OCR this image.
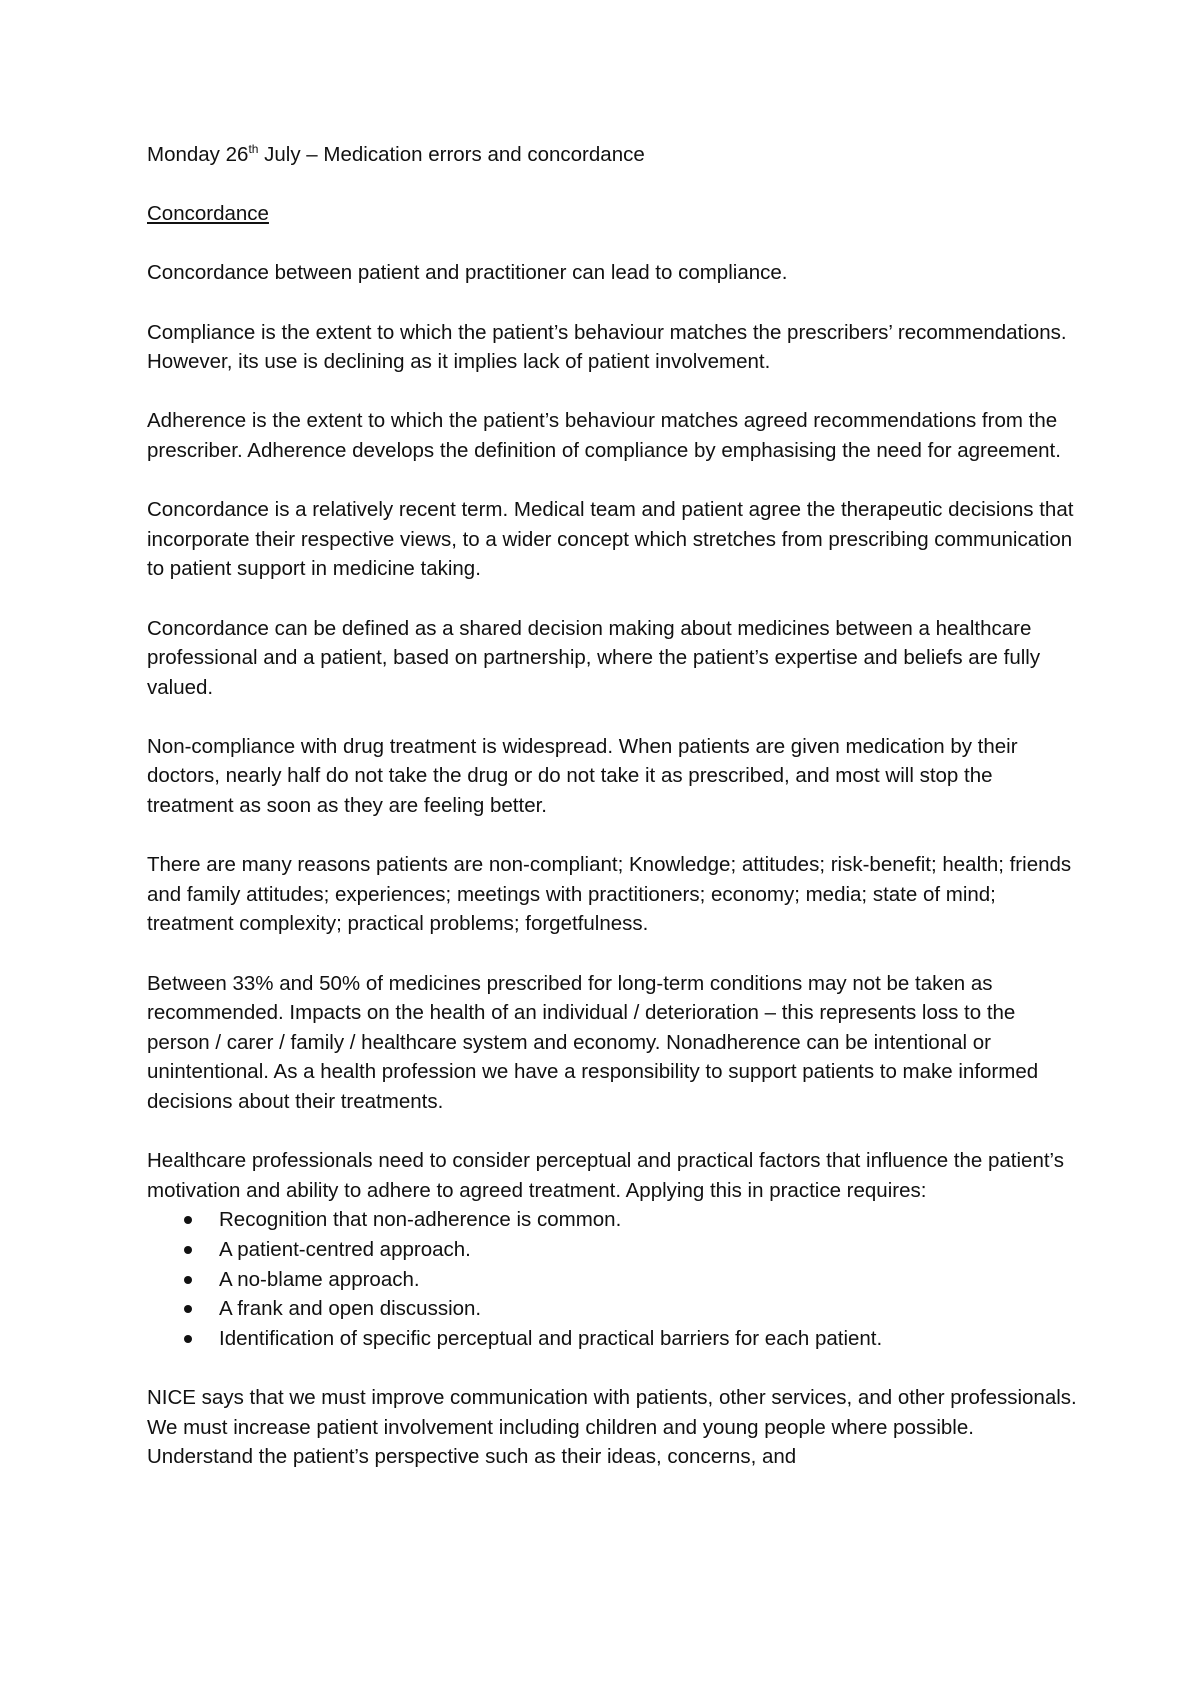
Monday 26th July – Medication errors and concordance

Concordance

Concordance between patient and practitioner can lead to compliance.

Compliance is the extent to which the patient’s behaviour matches the prescribers’ recommendations. However, its use is declining as it implies lack of patient involvement.

Adherence is the extent to which the patient’s behaviour matches agreed recommendations from the prescriber. Adherence develops the definition of compliance by emphasising the need for agreement.

Concordance is a relatively recent term. Medical team and patient agree the therapeutic decisions that incorporate their respective views, to a wider concept which stretches from prescribing communication to patient support in medicine taking.

Concordance can be defined as a shared decision making about medicines between a healthcare professional and a patient, based on partnership, where the patient’s expertise and beliefs are fully valued.

Non-compliance with drug treatment is widespread. When patients are given medication by their doctors, nearly half do not take the drug or do not take it as prescribed, and most will stop the treatment as soon as they are feeling better.

There are many reasons patients are non-compliant; Knowledge; attitudes; risk-benefit; health; friends and family attitudes; experiences; meetings with practitioners; economy; media; state of mind; treatment complexity; practical problems; forgetfulness.

Between 33% and 50% of medicines prescribed for long-term conditions may not be taken as recommended. Impacts on the health of an individual / deterioration – this represents loss to the person / carer / family / healthcare system and economy. Nonadherence can be intentional or unintentional. As a health profession we have a responsibility to support patients to make informed decisions about their treatments.

Healthcare professionals need to consider perceptual and practical factors that influence the patient’s motivation and ability to adhere to agreed treatment. Applying this in practice requires:

Recognition that non-adherence is common.
A patient-centred approach.
A no-blame approach.
A frank and open discussion.
Identification of specific perceptual and practical barriers for each patient.

NICE says that we must improve communication with patients, other services, and other professionals. We must increase patient involvement including children and young people where possible. Understand the patient’s perspective such as their ideas, concerns, and
